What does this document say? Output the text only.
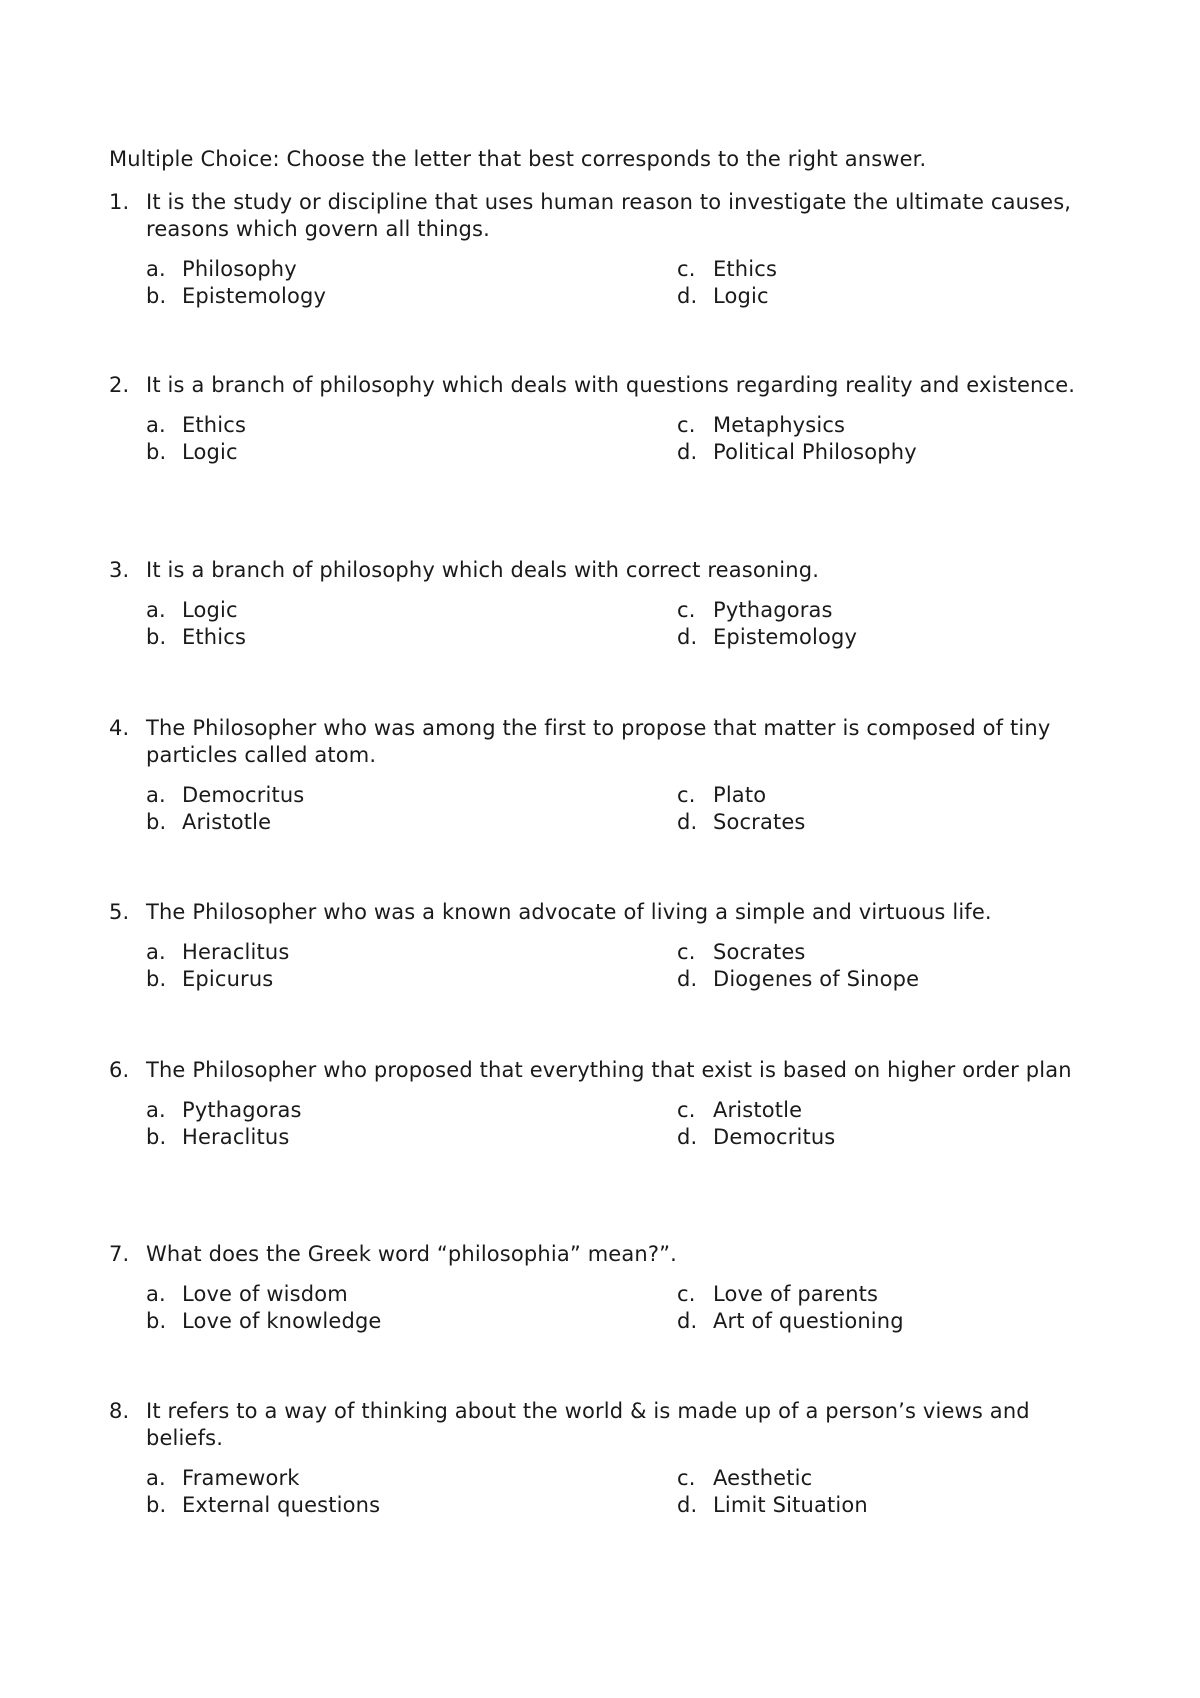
Multiple Choice: Choose the letter that best corresponds to the right answer.
1. It is the study or discipline that uses human reason to investigate the ultimate causes, reasons which govern all things.
a. Philosophy
b. Epistemology
c. Ethics
d. Logic
2. It is a branch of philosophy which deals with questions regarding reality and existence.
a. Ethics
b. Logic
c. Metaphysics
d. Political Philosophy
3. It is a branch of philosophy which deals with correct reasoning.
a. Logic
b. Ethics
c. Pythagoras
d. Epistemology
4. The Philosopher who was among the first to propose that matter is composed of tiny particles called atom.
a. Democritus
b. Aristotle
c. Plato
d. Socrates
5. The Philosopher who was a known advocate of living a simple and virtuous life.
a. Heraclitus
b. Epicurus
c. Socrates
d. Diogenes of Sinope
6. The Philosopher who proposed that everything that exist is based on higher order plan
a. Pythagoras
b. Heraclitus
c. Aristotle
d. Democritus
7. What does the Greek word “philosophia” mean?”.
a. Love of wisdom
b. Love of knowledge
c. Love of parents
d. Art of questioning
8. It refers to a way of thinking about the world & is made up of a person’s views and beliefs.
a. Framework
b. External questions
c. Aesthetic
d. Limit Situation
